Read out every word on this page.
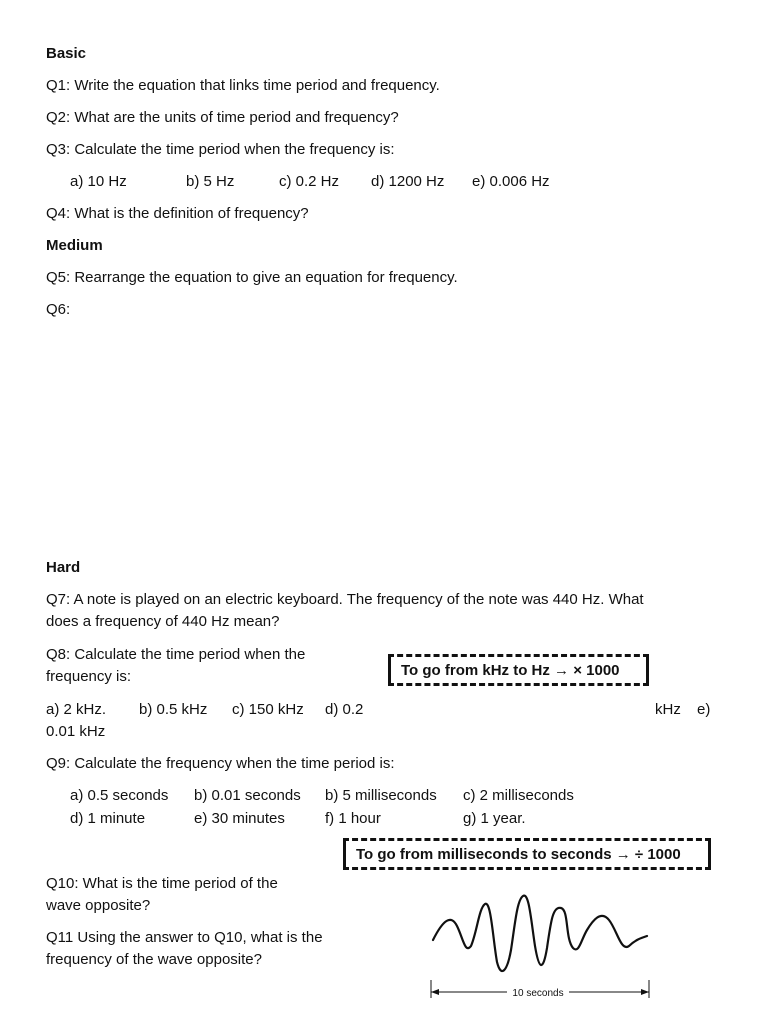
Basic
Q1: Write the equation that links time period and frequency.
Q2: What are the units of time period and frequency?
Q3: Calculate the time period when the frequency is:
a) 10 Hz	b) 5 Hz	c) 0.2 Hz d) 1200 Hz e) 0.006 Hz
Q4: What is the definition of frequency?
Medium
Q5: Rearrange the equation to give an equation for frequency.
Q6:
Hard
Q7: A note is played on an electric keyboard. The frequency of the note was 440 Hz. What
does a frequency of 440 Hz mean?
Q8: Calculate the time period when the
frequency is:	To go from kHz to Hz → × 1000
a) 2 kHz. b) 0.5 kHz c) 150 kHz d) 0.2	kHz e)
0.01 kHz
Q9: Calculate the frequency when the time period is:
a) 0.5 seconds b) 0.01 seconds b) 5 milliseconds c) 2 milliseconds
d) 1 minute	e) 30 minutes	f) 1 hour	g) 1 year.
To go from milliseconds to seconds → ÷ 1000
Q10: What is the time period of the
wave opposite?
Q11 Using the answer to Q10, what is the
frequency of the wave opposite?
10 seconds
